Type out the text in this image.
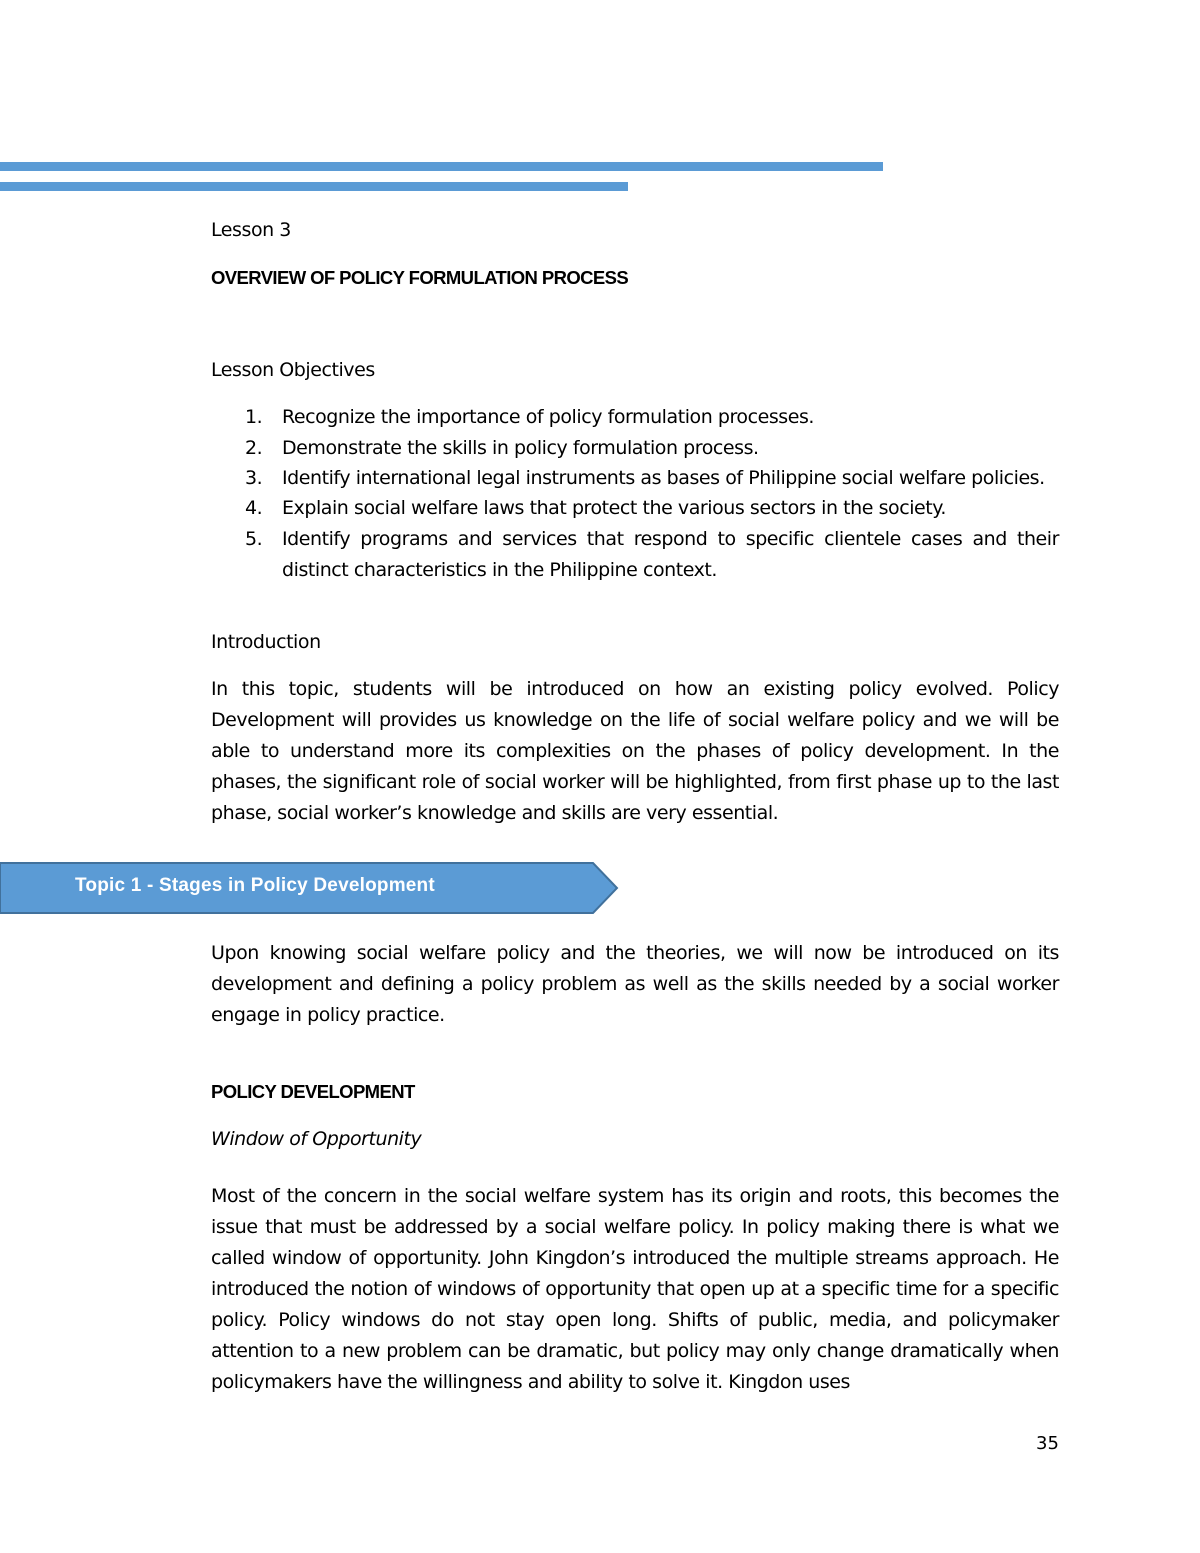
Lesson 3

OVERVIEW OF POLICY FORMULATION PROCESS

Lesson Objectives

1. Recognize the importance of policy formulation processes.
2. Demonstrate the skills in policy formulation process.
3. Identify international legal instruments as bases of Philippine social welfare policies.
4. Explain social welfare laws that protect the various sectors in the society.
5. Identify programs and services that respond to specific clientele cases and their distinct characteristics in the Philippine context.

Introduction

In this topic, students will be introduced on how an existing policy evolved. Policy Development will provides us knowledge on the life of social welfare policy and we will be able to understand more its complexities on the phases of policy development. In the phases, the significant role of social worker will be highlighted, from first phase up to the last phase, social worker’s knowledge and skills are very essential.

Topic 1 - Stages in Policy Development

Upon knowing social welfare policy and the theories, we will now be introduced on its development and defining a policy problem as well as the skills needed by a social worker engage in policy practice.

POLICY DEVELOPMENT

Window of Opportunity

Most of the concern in the social welfare system has its origin and roots, this becomes the issue that must be addressed by a social welfare policy. In policy making there is what we called window of opportunity. John Kingdon’s introduced the multiple streams approach. He introduced the notion of windows of opportunity that open up at a specific time for a specific policy. Policy windows do not stay open long. Shifts of public, media, and policymaker attention to a new problem can be dramatic, but policy may only change dramatically when policymakers have the willingness and ability to solve it. Kingdon uses

35
